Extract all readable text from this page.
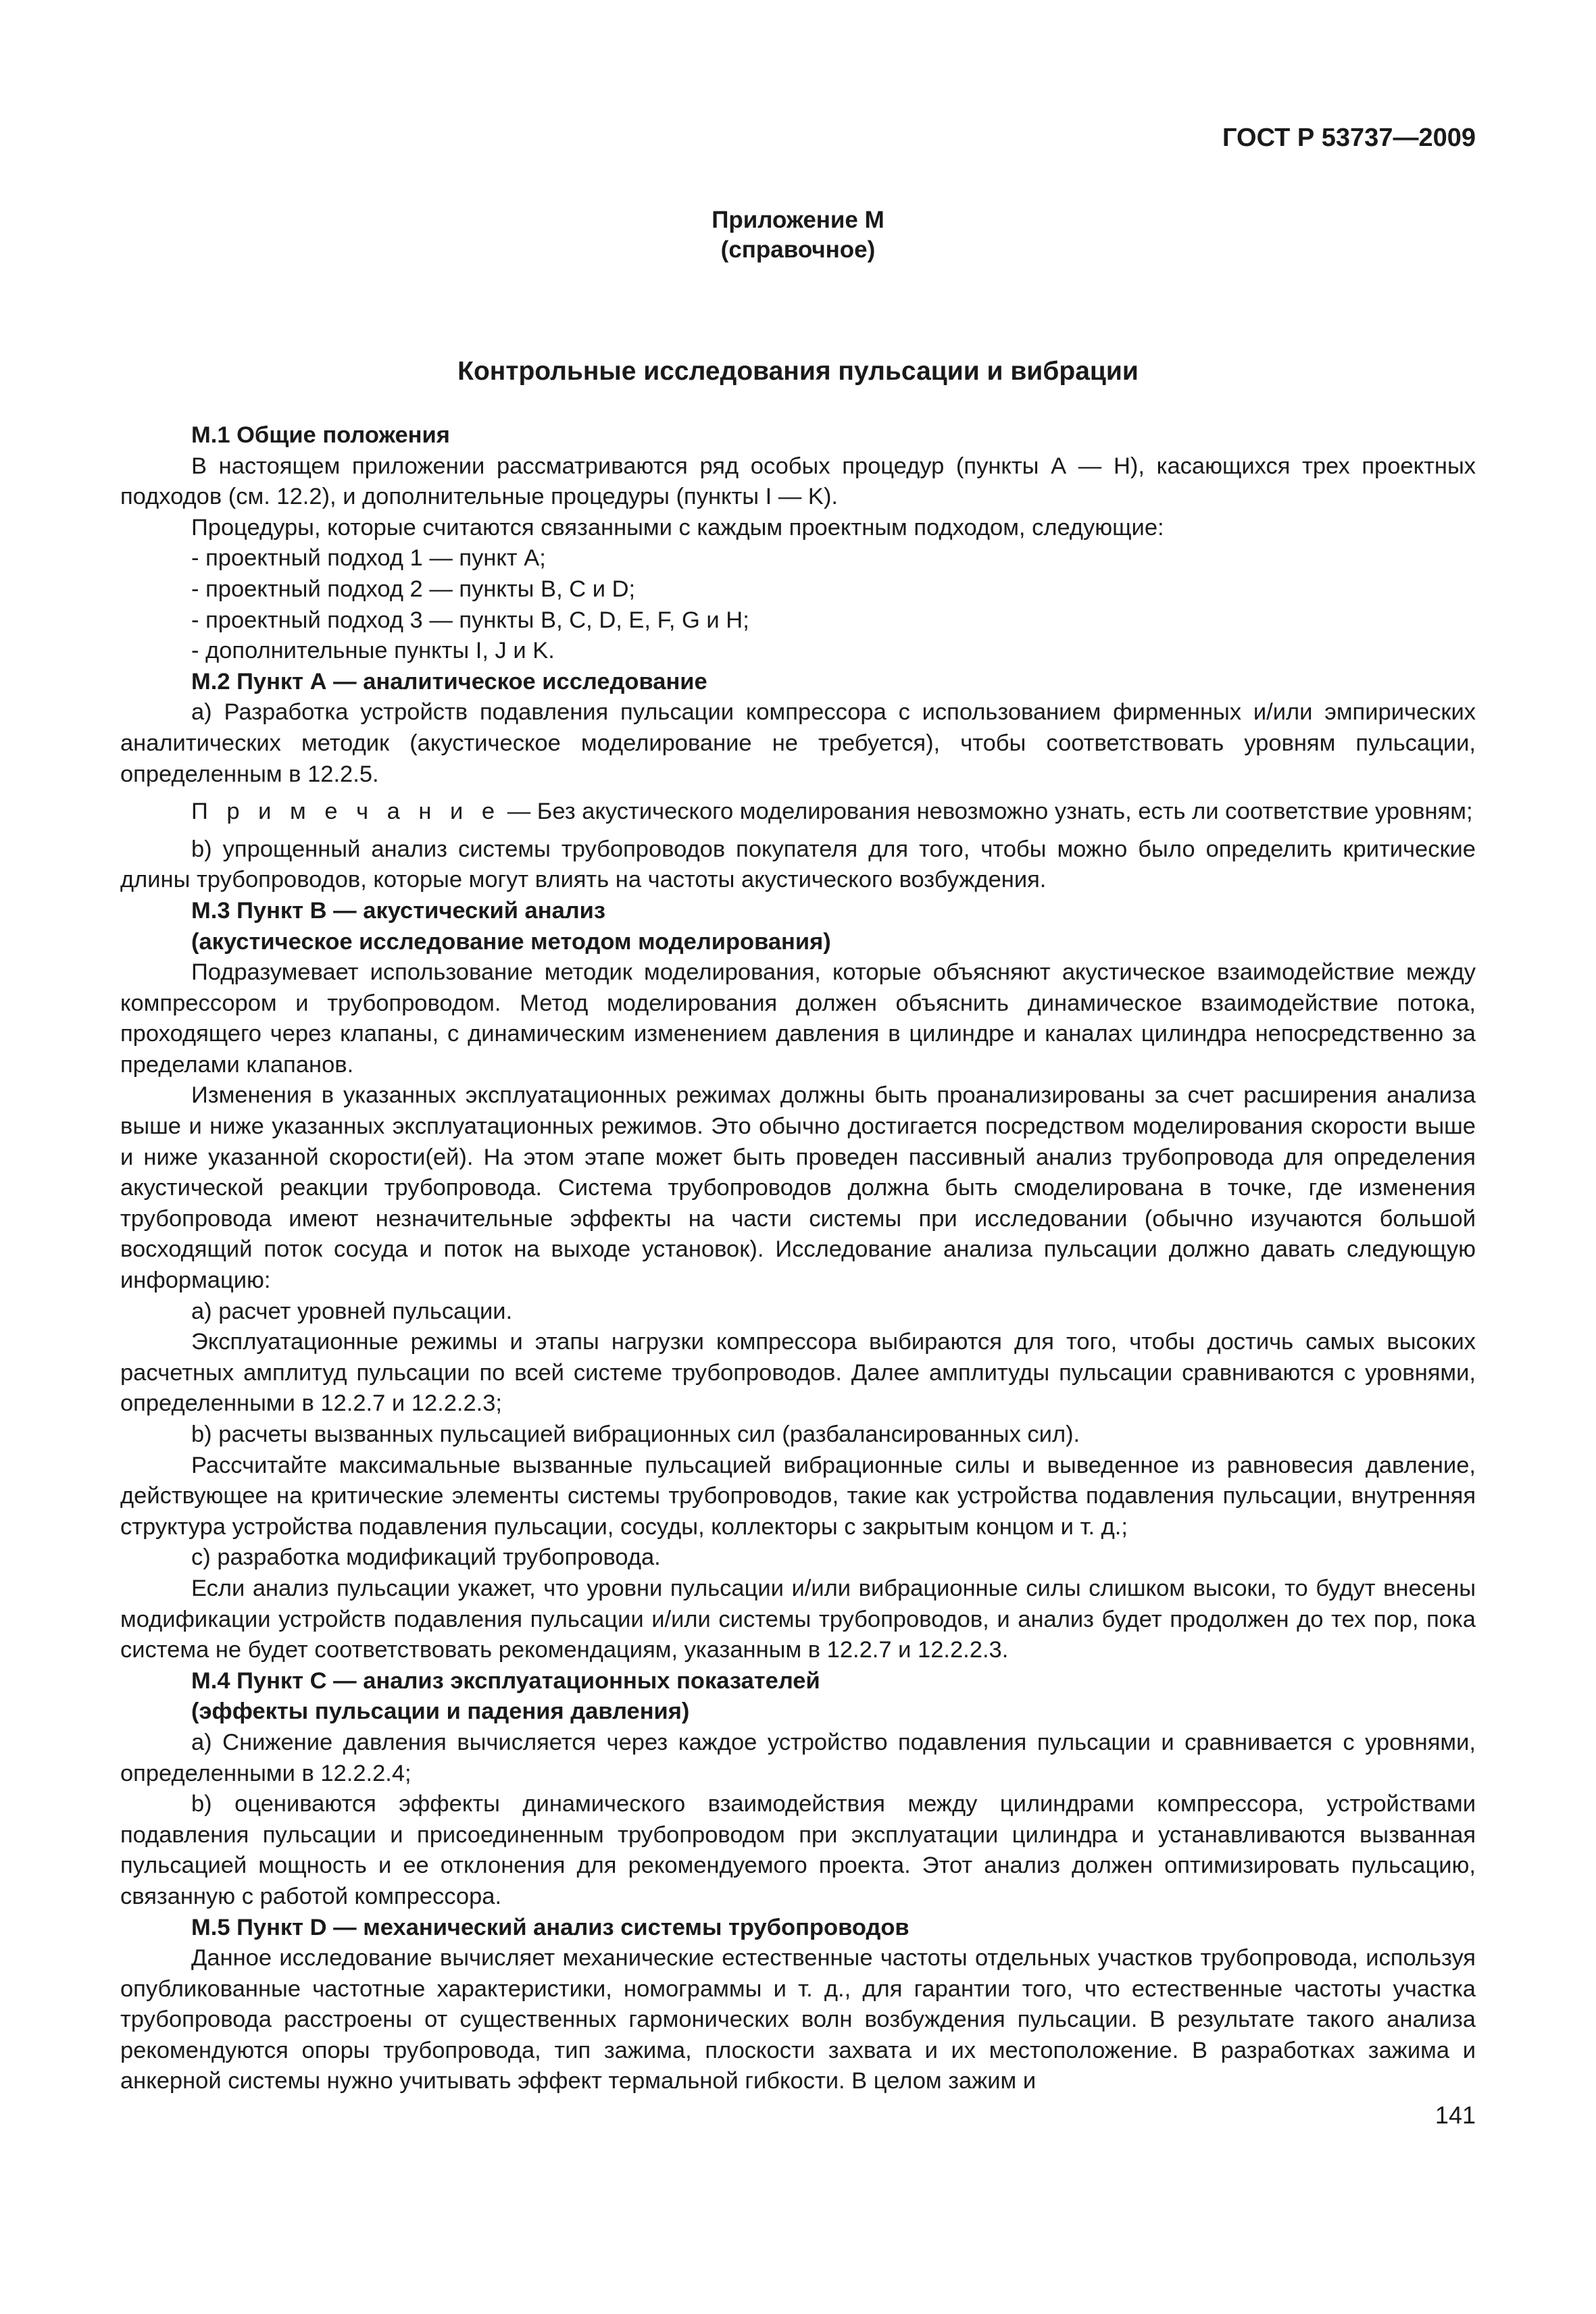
ГОСТ Р 53737—2009
Приложение М
(справочное)
Контрольные исследования пульсации и вибрации
М.1 Общие положения

В настоящем приложении рассматриваются ряд особых процедур (пункты А — Н), касающихся трех проектных подходов (см. 12.2), и дополнительные процедуры (пункты I — K).

Процедуры, которые считаются связанными с каждым проектным подходом, следующие:

- проектный подход 1 — пункт А;

- проектный подход 2 — пункты В, С и D;

- проектный подход 3 — пункты В, С, D, E, F, G и H;

- дополнительные пункты I, J и K.

М.2 Пункт А — аналитическое исследование

а) Разработка устройств подавления пульсации компрессора с использованием фирменных и/или эмпирических аналитических методик (акустическое моделирование не требуется), чтобы соответствовать уровням пульсации, определенным в 12.2.5.

П р и м е ч а н и е — Без акустического моделирования невозможно узнать, есть ли соответствие уровням;

b) упрощенный анализ системы трубопроводов покупателя для того, чтобы можно было определить критические длины трубопроводов, которые могут влиять на частоты акустического возбуждения.

М.3 Пункт В — акустический анализ
(акустическое исследование методом моделирования)

Подразумевает использование методик моделирования, которые объясняют акустическое взаимодействие между компрессором и трубопроводом. Метод моделирования должен объяснить динамическое взаимодействие потока, проходящего через клапаны, с динамическим изменением давления в цилиндре и каналах цилиндра непосредственно за пределами клапанов.

Изменения в указанных эксплуатационных режимах должны быть проанализированы за счет расширения анализа выше и ниже указанных эксплуатационных режимов. Это обычно достигается посредством моделирования скорости выше и ниже указанной скорости(ей). На этом этапе может быть проведен пассивный анализ трубопровода для определения акустической реакции трубопровода. Система трубопроводов должна быть смоделирована в точке, где изменения трубопровода имеют незначительные эффекты на части системы при исследовании (обычно изучаются большой восходящий поток сосуда и поток на выходе установок). Исследование анализа пульсации должно давать следующую информацию:

а) расчет уровней пульсации.

Эксплуатационные режимы и этапы нагрузки компрессора выбираются для того, чтобы достичь самых высоких расчетных амплитуд пульсации по всей системе трубопроводов. Далее амплитуды пульсации сравниваются с уровнями, определенными в 12.2.7 и 12.2.2.3;

b) расчеты вызванных пульсацией вибрационных сил (разбалансированных сил).

Рассчитайте максимальные вызванные пульсацией вибрационные силы и выведенное из равновесия давление, действующее на критические элементы системы трубопроводов, такие как устройства подавления пульсации, внутренняя структура устройства подавления пульсации, сосуды, коллекторы с закрытым концом и т. д.;

с) разработка модификаций трубопровода.

Если анализ пульсации укажет, что уровни пульсации и/или вибрационные силы слишком высоки, то будут внесены модификации устройств подавления пульсации и/или системы трубопроводов, и анализ будет продолжен до тех пор, пока система не будет соответствовать рекомендациям, указанным в 12.2.7 и 12.2.2.3.

М.4 Пункт С — анализ эксплуатационных показателей
(эффекты пульсации и падения давления)

а) Снижение давления вычисляется через каждое устройство подавления пульсации и сравнивается с уровнями, определенными в 12.2.2.4;

b) оцениваются эффекты динамического взаимодействия между цилиндрами компрессора, устройствами подавления пульсации и присоединенным трубопроводом при эксплуатации цилиндра и устанавливаются вызванная пульсацией мощность и ее отклонения для рекомендуемого проекта. Этот анализ должен оптимизировать пульсацию, связанную с работой компрессора.

М.5 Пункт D — механический анализ системы трубопроводов

Данное исследование вычисляет механические естественные частоты отдельных участков трубопровода, используя опубликованные частотные характеристики, номограммы и т. д., для гарантии того, что естественные частоты участка трубопровода расстроены от существенных гармонических волн возбуждения пульсации. В результате такого анализа рекомендуются опоры трубопровода, тип зажима, плоскости захвата и их местоположение. В разработках зажима и анкерной системы нужно учитывать эффект термальной гибкости. В целом зажим и

141
